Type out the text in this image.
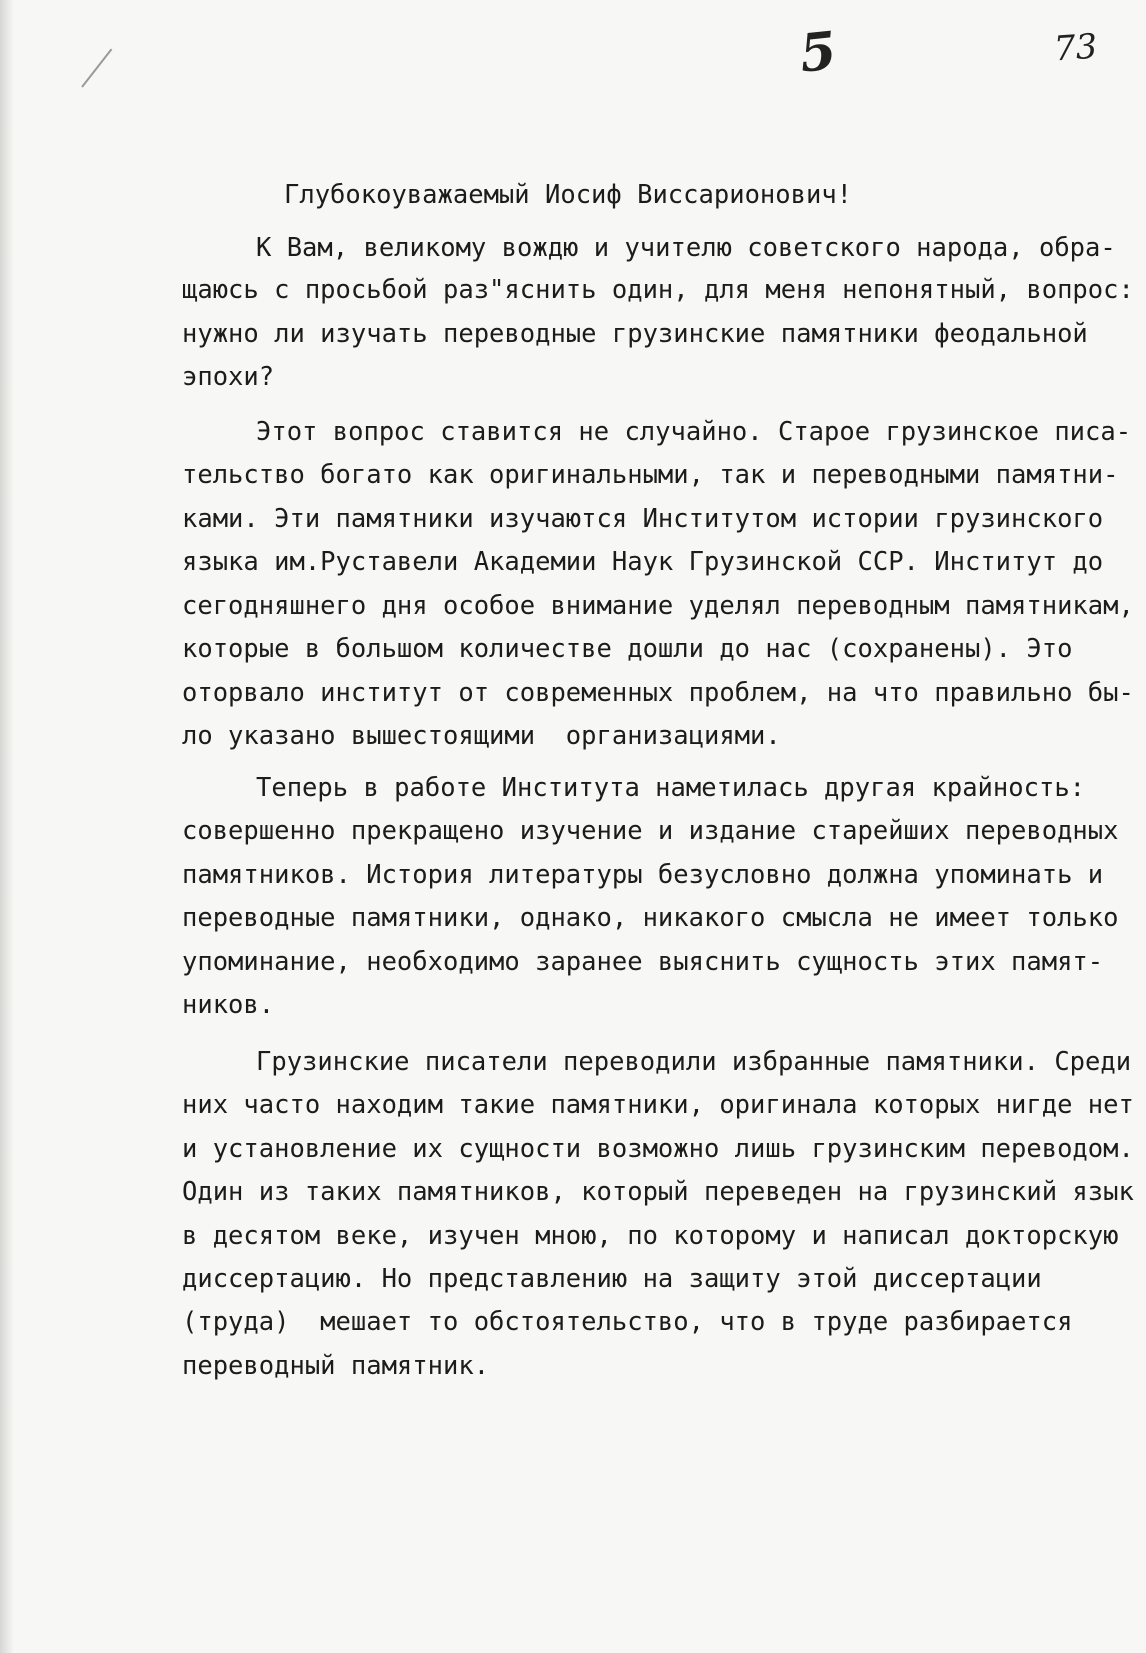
5	73
Глубокоуважаемый Иосиф Виссарионович!
К Вам, великому вождю и учителю советского народа, обра-
щаюсь с просьбой раз"яснить один, для меня непонятный, вопрос:
нужно ли изучать переводные грузинские памятники феодальной
эпохи?
Этот вопрос ставится не случайно. Старое грузинское писа-
тельство богато как оригинальными, так и переводными памятни-
ками. Эти памятники изучаются Институтом истории грузинского
языка им.Руставели Академии Наук Грузинской ССР. Институт до
сегодняшнего дня особое внимание уделял переводным памятникам,
которые в большом количестве дошли до нас (сохранены). Это
оторвало институт от современных проблем, на что правильно бы-
ло указано вышестоящими  организациями.
Теперь в работе Института наметилась другая крайность:
совершенно прекращено изучение и издание старейших переводных
памятников. История литературы безусловно должна упоминать и
переводные памятники, однако, никакого смысла не имеет только
упоминание, необходимо заранее выяснить сущность этих памят-
ников.
Грузинские писатели переводили избранные памятники. Среди
них часто находим такие памятники, оригинала которых нигде нет
и установление их сущности возможно лишь грузинским переводом.
Один из таких памятников, который переведен на грузинский язык
в десятом веке, изучен мною, по которому и написал докторскую
диссертацию. Но представлению на защиту этой диссертации
(труда)  мешает то обстоятельство, что в труде разбирается
переводный памятник.
